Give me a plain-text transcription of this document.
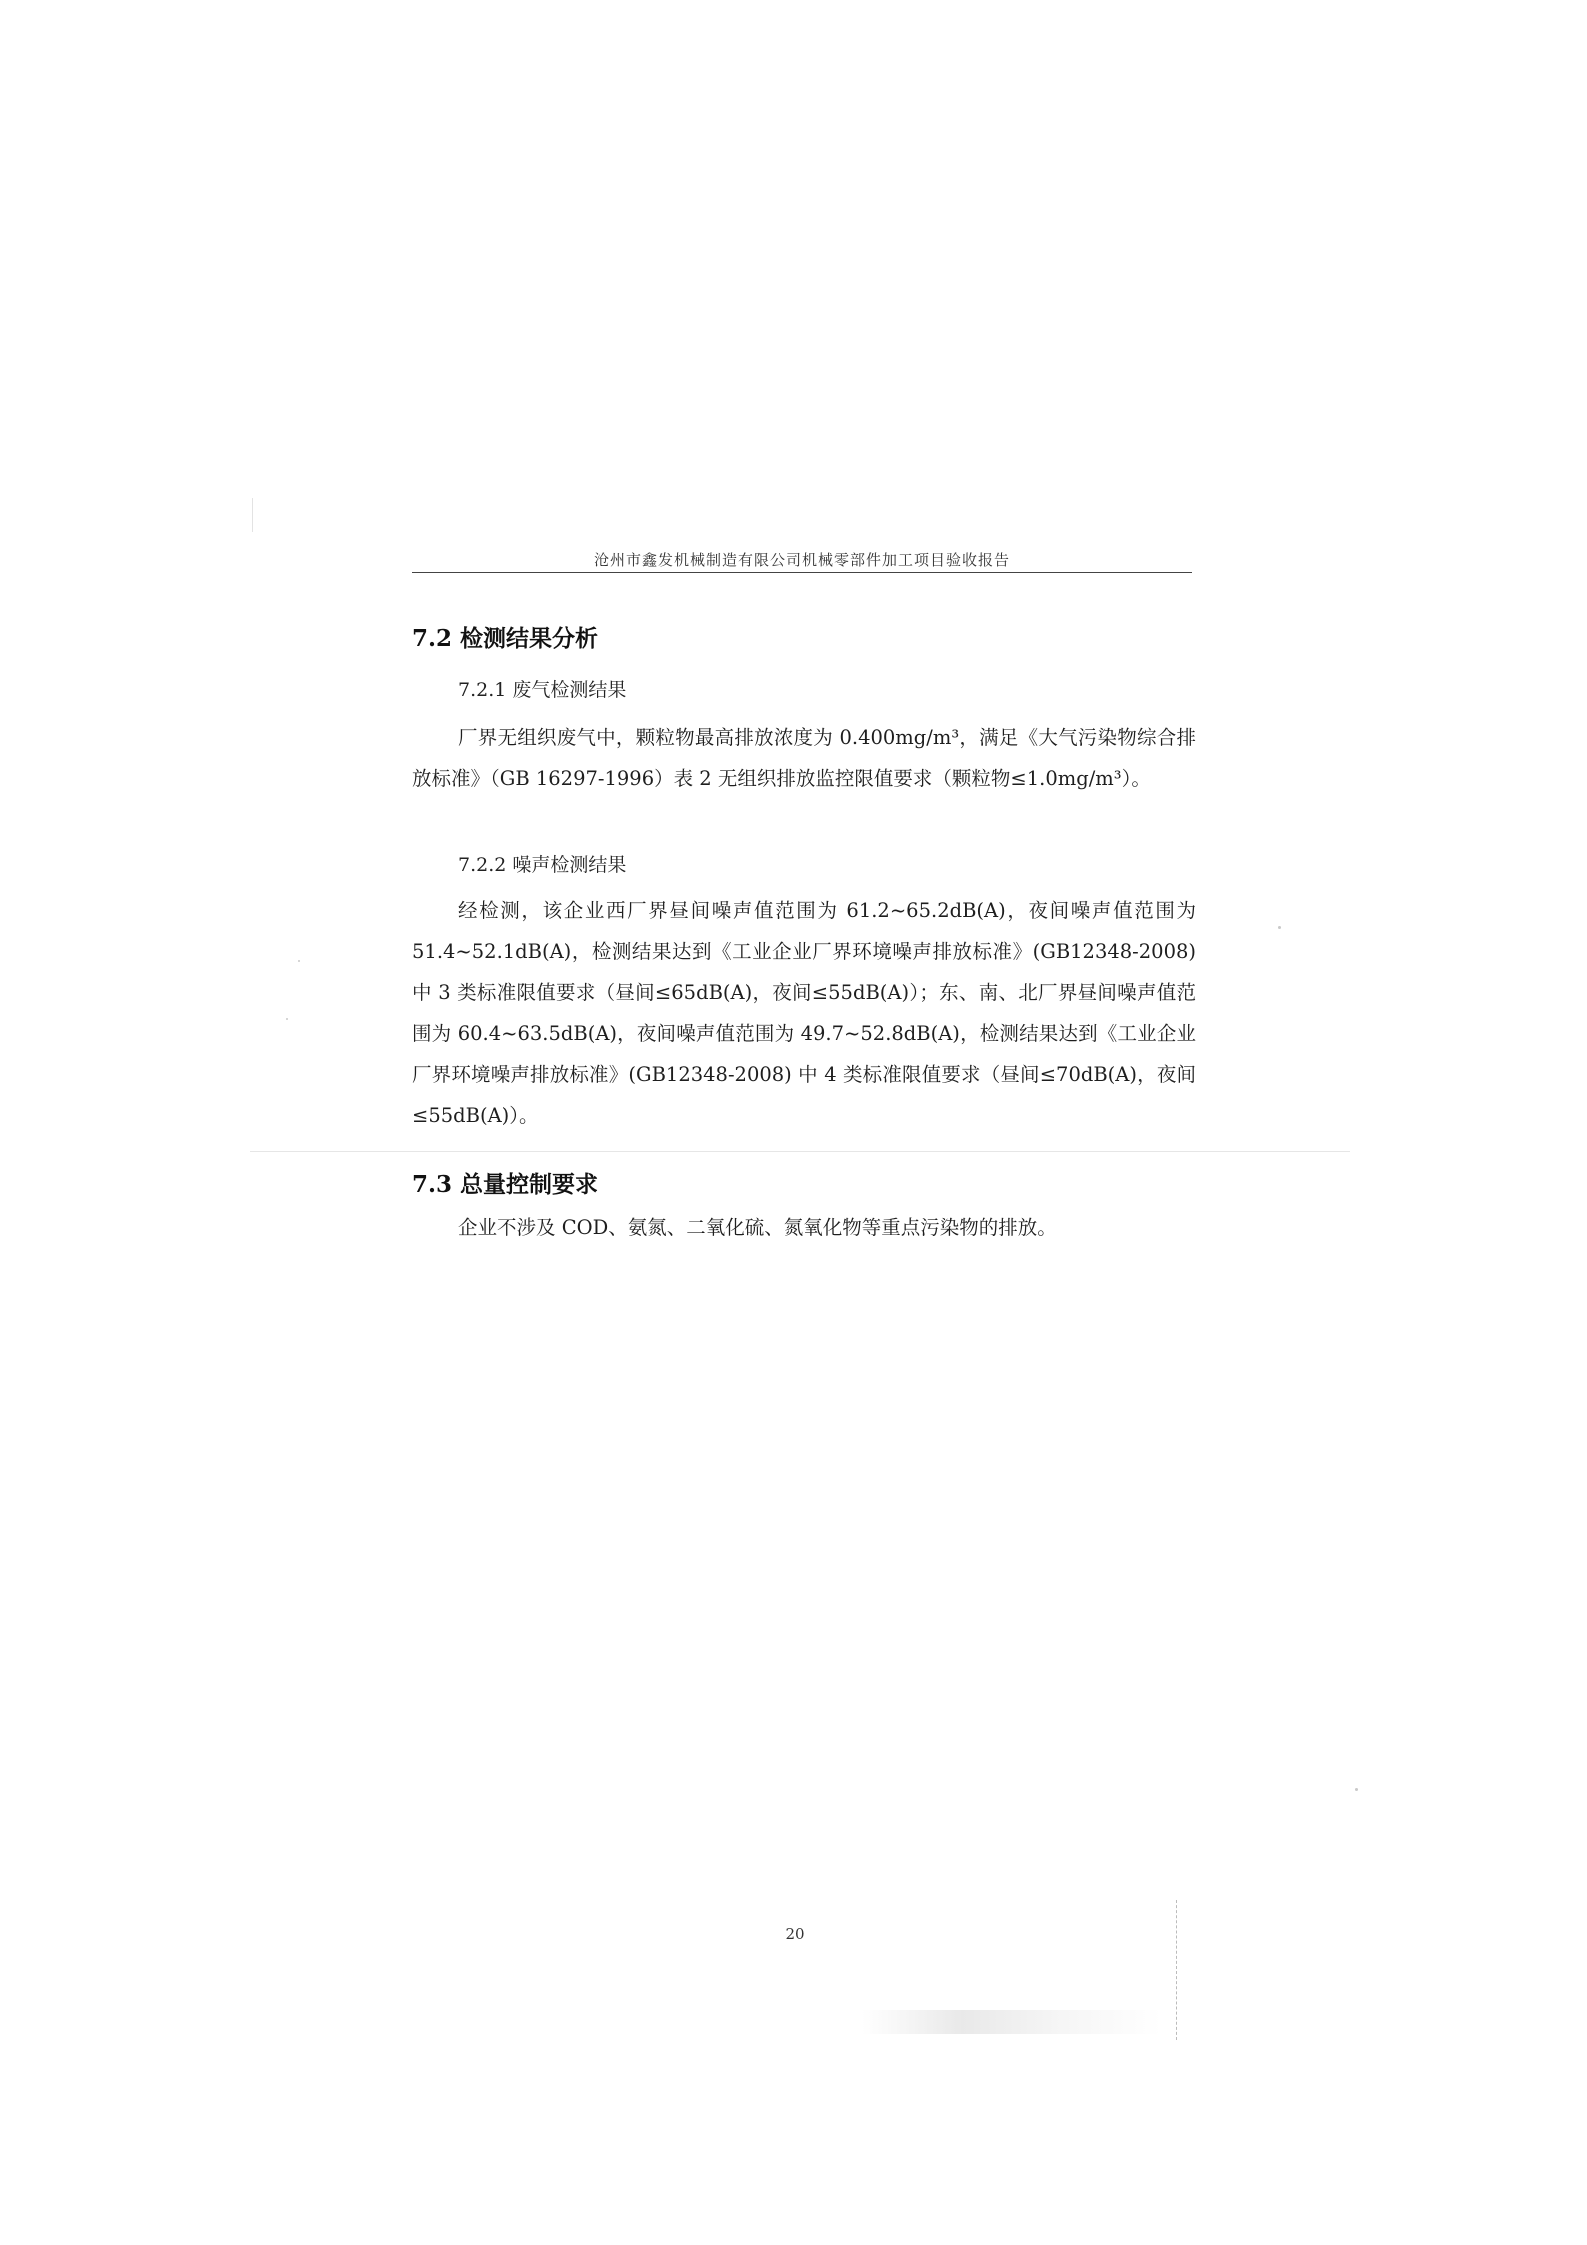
沧州市鑫发机械制造有限公司机械零部件加工项目验收报告
7.2 检测结果分析
7.2.1 废气检测结果
厂界无组织废气中，颗粒物最高排放浓度为 0.400mg/m³，满足《大气污染物综合排放标准》（GB 16297-1996）表 2 无组织排放监控限值要求（颗粒物≤1.0mg/m³）。
7.2.2 噪声检测结果
经检测，该企业西厂界昼间噪声值范围为 61.2~65.2dB(A)，夜间噪声值范围为 51.4~52.1dB(A)，检测结果达到《工业企业厂界环境噪声排放标准》(GB12348-2008) 中 3 类标准限值要求（昼间≤65dB(A)，夜间≤55dB(A)）；东、南、北厂界昼间噪声值范围为 60.4~63.5dB(A)，夜间噪声值范围为 49.7~52.8dB(A)，检测结果达到《工业企业厂界环境噪声排放标准》(GB12348-2008) 中 4 类标准限值要求（昼间≤70dB(A)，夜间≤55dB(A)）。
7.3 总量控制要求
企业不涉及 COD、氨氮、二氧化硫、氮氧化物等重点污染物的排放。
20
